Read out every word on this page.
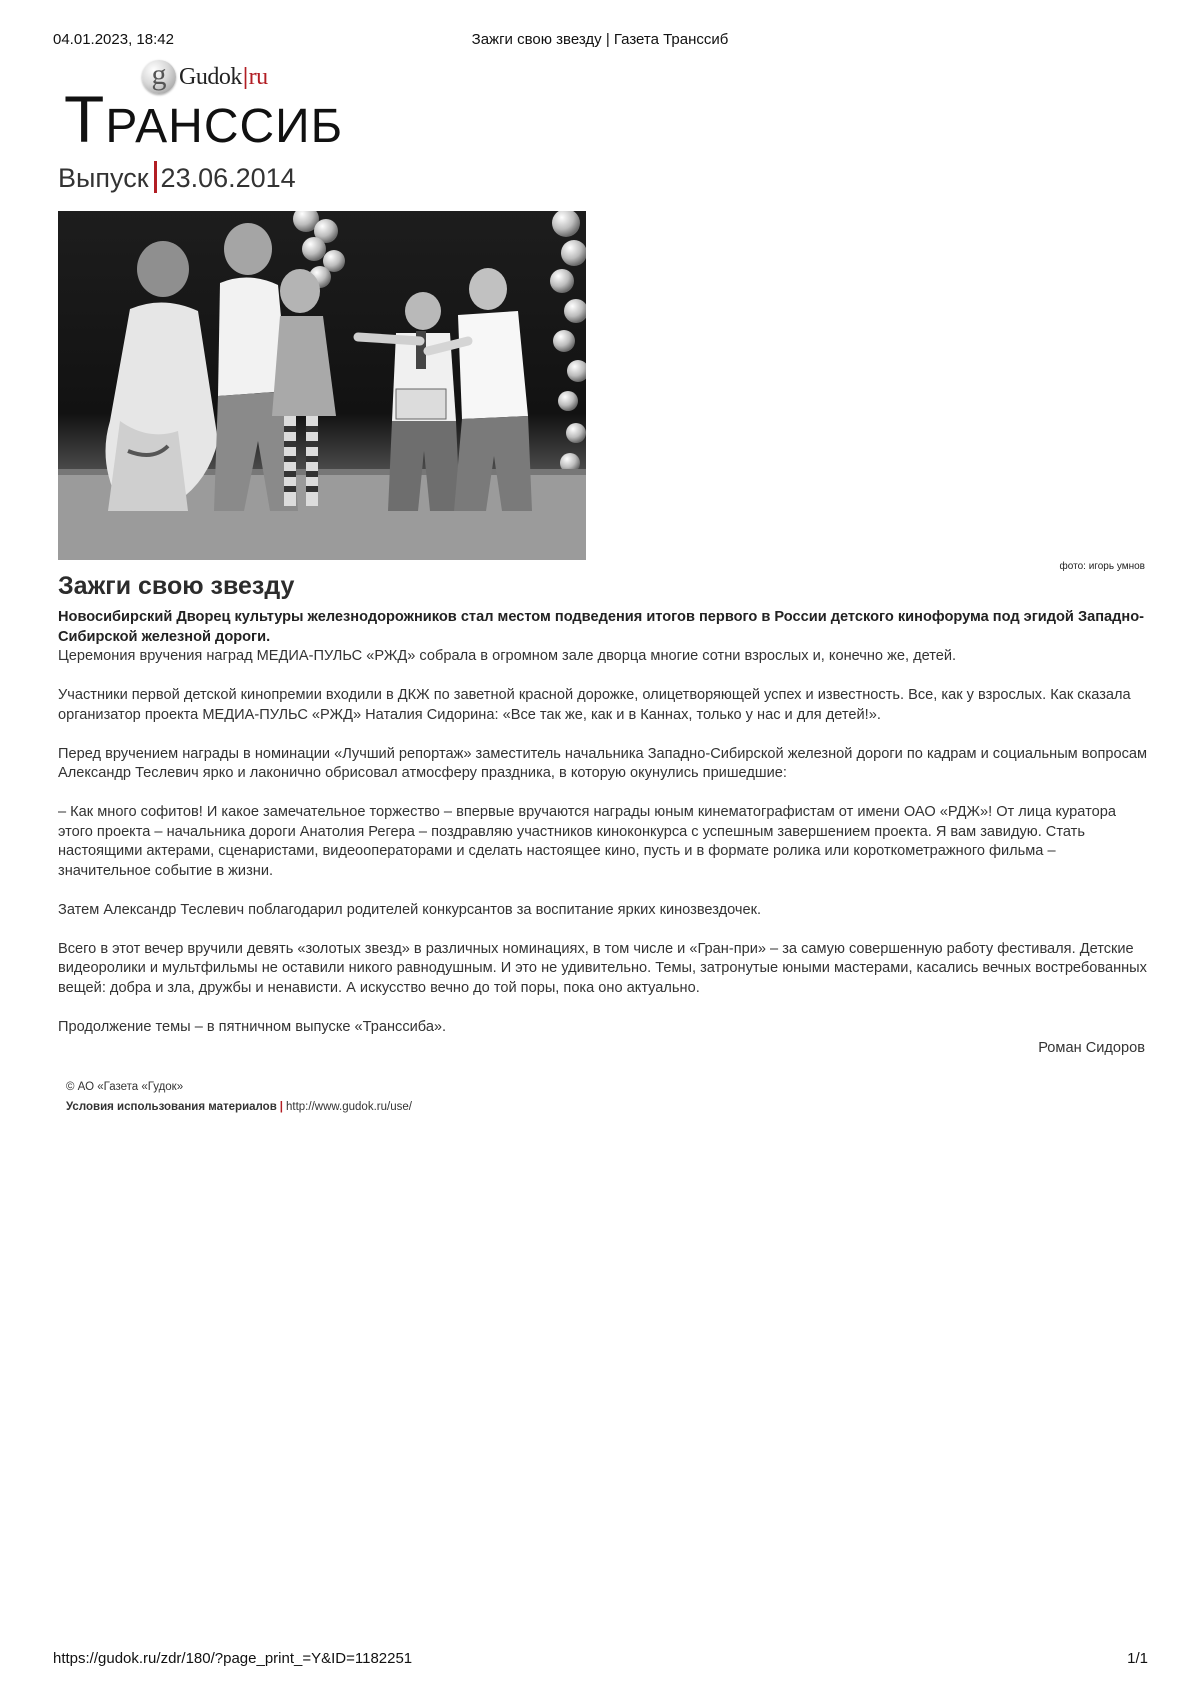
04.01.2023, 18:42	Зажги свою звезду | Газета Транссиб
g Gudok|ru
ТРАНССИБ
Выпуск 23.06.2014
фото: игорь умнов
Зажги свою звезду

Новосибирский Дворец культуры железнодорожников стал местом подведения итогов первого в России детского кинофорума под эгидой Западно-Сибирской железной дороги.

Церемония вручения наград МЕДИА-ПУЛЬС «РЖД» собрала в огромном зале дворца многие сотни взрослых и, конечно же, детей.

Участники первой детской кинопремии входили в ДКЖ по заветной красной дорожке, олицетворяющей успех и известность. Все, как у взрослых. Как сказала организатор проекта МЕДИА-ПУЛЬС «РЖД» Наталия Сидорина: «Все так же, как и в Каннах, только у нас и для детей!».

Перед вручением награды в номинации «Лучший репортаж» заместитель начальника Западно-Сибирской железной дороги по кадрам и социальным вопросам Александр Теслевич ярко и лаконично обрисовал атмосферу праздника, в которую окунулись пришедшие:

– Как много софитов! И какое замечательное торжество – впервые вручаются награды юным кинематографистам от имени ОАО «РДЖ»! От лица куратора этого проекта – начальника дороги Анатолия Регера – поздравляю участников киноконкурса с успешным завершением проекта. Я вам завидую. Стать настоящими актерами, сценаристами, видеооператорами и сделать настоящее кино, пусть и в формате ролика или короткометражного фильма – значительное событие в жизни.

Затем Александр Теслевич поблагодарил родителей конкурсантов за воспитание ярких кинозвездочек.

Всего в этот вечер вручили девять «золотых звезд» в различных номинациях, в том числе и «Гран-при» – за самую совершенную работу фестиваля. Детские видеоролики и мультфильмы не оставили никого равнодушным. И это не удивительно. Темы, затронутые юными мастерами, касались вечных востребованных вещей: добра и зла, дружбы и ненависти. А искусство вечно до той поры, пока оно актуально.

Продолжение темы – в пятничном выпуске «Транссиба».

Роман Сидоров
© АО «Газета «Гудок»
Условия использования материалов | http://www.gudok.ru/use/
https://gudok.ru/zdr/180/?page_print_=Y&ID=1182251	1/1
